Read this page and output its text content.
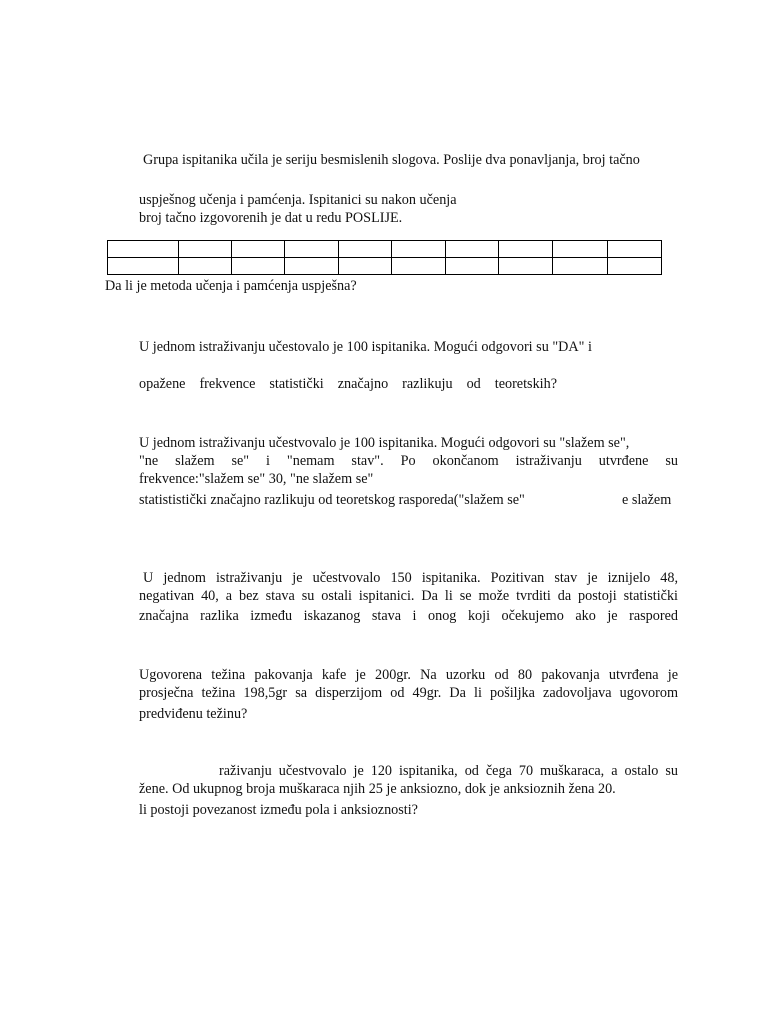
Grupa ispitanika učila je seriju besmislenih slogova. Poslije dva ponavljanja, broj tačno
uspješnog učenja i pamćenja. Ispitanici su nakon učenja
broj tačno izgovorenih je dat u redu POSLIJE.

Da li je metoda učenja i pamćenja uspješna?
U jednom istraživanju učestovalo je 100 ispitanika. Mogući odgovori su "DA" i
opažene frekvence statistički značajno razlikuju od teoretskih?
U jednom istraživanju učestvovalo je 100 ispitanika. Mogući odgovori su "slažem se",
"ne slažem se" i "nemam stav". Po okončanom istraživanju utvrđene su
frekvence:"slažem se" 30, "ne slažem se"
statististički značajno razlikuju od teoretskog rasporeda("slažem se"	e slažem
U jednom istraživanju je učestvovalo 150 ispitanika. Pozitivan stav je iznijelo 48,
negativan 40, a bez stava su ostali ispitanici. Da li se može tvrditi da postoji statistički
značajna razlika između iskazanog stava i onog koji očekujemo ako je raspored
Ugovorena težina pakovanja kafe je 200gr. Na uzorku od 80 pakovanja utvrđena je
prosječna težina 198,5gr sa disperzijom od 49gr. Da li pošiljka zadovoljava ugovorom
predviđenu težinu?
raživanju učestvovalo je 120 ispitanika, od čega 70 muškaraca, a ostalo su
žene. Od ukupnog broja muškaraca njih 25 je anksiozno, dok je anksioznih žena 20.
li postoji povezanost između pola i anksioznosti?
